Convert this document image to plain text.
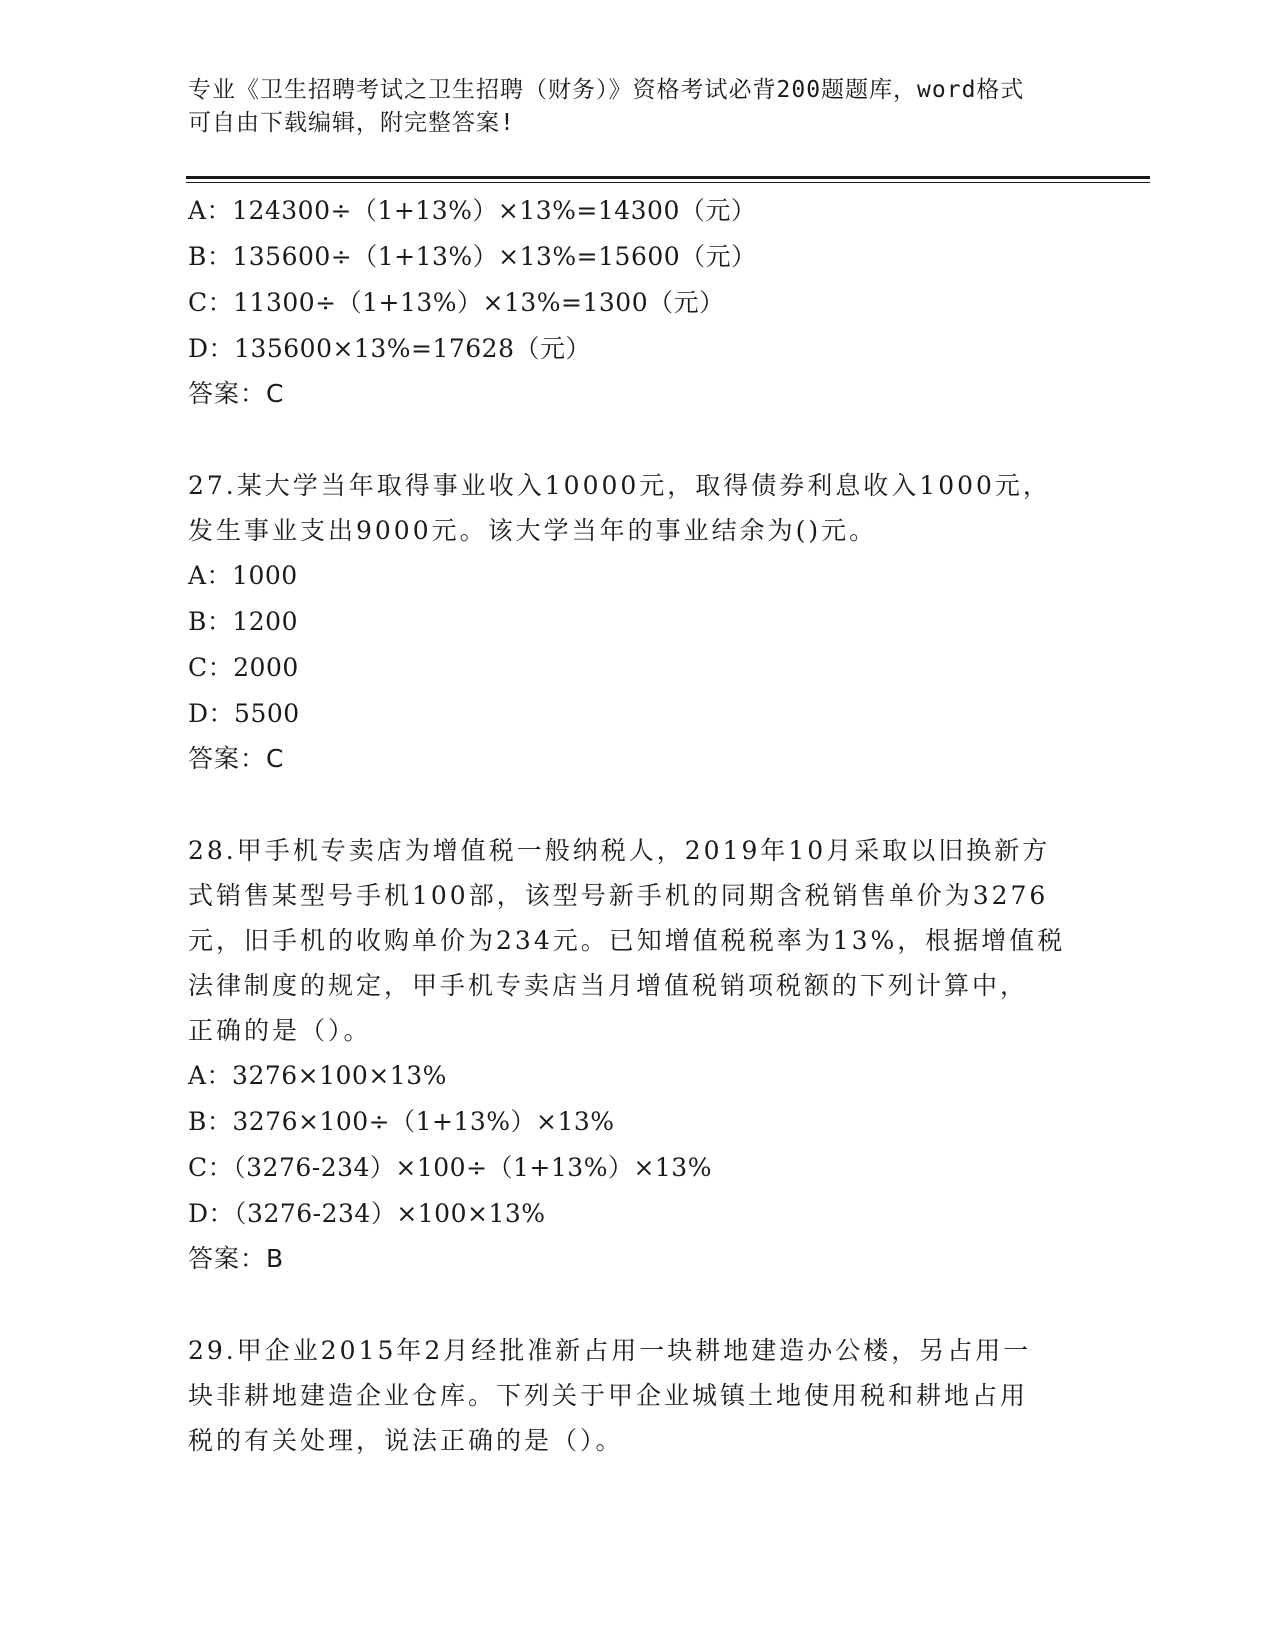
专业《卫生招聘考试之卫生招聘（财务）》资格考试必背200题题库，word格式
可自由下载编辑，附完整答案!
A：124300÷（1+13%）×13%=14300（元）
B：135600÷（1+13%）×13%=15600（元）
C：11300÷（1+13%）×13%=1300（元）
D：135600×13%=17628（元）
答案：C
27.某大学当年取得事业收入10000元，取得债券利息收入1000元，
发生事业支出9000元。该大学当年的事业结余为()元。
A：1000
B：1200
C：2000
D：5500
答案：C
28.甲手机专卖店为增值税一般纳税人，2019年10月采取以旧换新方
式销售某型号手机100部，该型号新手机的同期含税销售单价为3276
元，旧手机的收购单价为234元。已知增值税税率为13%，根据增值税
法律制度的规定，甲手机专卖店当月增值税销项税额的下列计算中，
正确的是（）。
A：3276×100×13%
B：3276×100÷（1+13%）×13%
C：（3276-234）×100÷（1+13%）×13%
D：（3276-234）×100×13%
答案：B
29.甲企业2015年2月经批准新占用一块耕地建造办公楼，另占用一
块非耕地建造企业仓库。下列关于甲企业城镇土地使用税和耕地占用
税的有关处理，说法正确的是（）。
